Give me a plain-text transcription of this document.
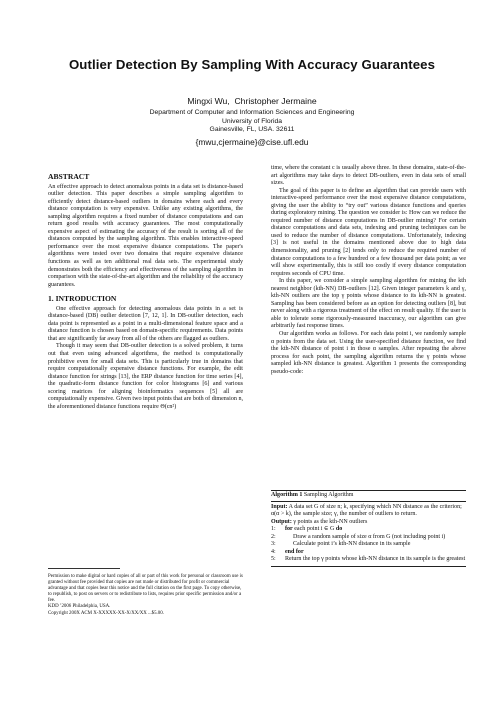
Outlier Detection By Sampling With Accuracy Guarantees
Mingxi Wu,  Christopher Jermaine
Department of Computer and Information Sciences and Engineering
University of Florida
Gainesville, FL, USA. 32611
{mwu,cjermaine}@cise.ufl.edu
ABSTRACT

An effective approach to detect anomalous points in a data set is distance-based outlier detection. This paper describes a simple sampling algorithm to efficiently detect distance-based outliers in domains where each and every distance computation is very expensive. Unlike any existing algorithms, the sampling algorithm requires a fixed number of distance computations and can return good results with accuracy guarantees. The most computationally expensive aspect of estimating the accuracy of the result is sorting all of the distances computed by the sampling algorithm. This enables interactive-speed performance over the most expensive distance computations. The paper's algorithms were tested over two domains that require expensive distance functions as well as ten additional real data sets. The experimental study demonstrates both the efficiency and effectiveness of the sampling algorithm in comparison with the state-of-the-art algorithm and the reliability of the accuracy guarantees.

1. INTRODUCTION

One effective approach for detecting anomalous data points in a set is distance-based (DB) outlier detection [7, 12, 1]. In DB-outlier detection, each data point is represented as a point in a multi-dimensional feature space and a distance function is chosen based on domain-specific requirements. Data points that are significantly far away from all of the others are flagged as outliers.

Though it may seem that DB-outlier detection is a solved problem, it turns out that even using advanced algorithms, the method is computationally prohibitive even for small data sets. This is particularly true in domains that require computationally expensive distance functions. For example, the edit distance function for strings [13], the ERP distance function for time series [4], the quadratic-form distance function for color histograms [6] and various scoring matrices for aligning bioinformatics sequences [5] all are computationally expensive. Given two input points that are both of dimension n, the aforementioned distance functions require Θ(cn²)

Permission to make digital or hard copies of all or part of this work for personal or classroom use is granted without fee provided that copies are not made or distributed for profit or commercial advantage and that copies bear this notice and the full citation on the first page. To copy otherwise, to republish, to post on servers or to redistribute to lists, requires prior specific permission and/or a fee.
KDD ’2006 Philadelphia, USA.
Copyright 200X ACM X-XXXXX-XX-X/XX/XX ...$5.00.

time, where the constant c is usually above three. In these domains, state-of-the-art algorithms may take days to detect DB-outliers, even in data sets of small sizes.

The goal of this paper is to define an algorithm that can provide users with interactive-speed performance over the most expensive distance computations, giving the user the ability to “try out” various distance functions and queries during exploratory mining. The question we consider is: How can we reduce the required number of distance computations in DB-outlier mining? For certain distance computations and data sets, indexing and pruning techniques can be used to reduce the number of distance computations. Unfortunately, indexing [3] is not useful in the domains mentioned above due to high data dimensionality, and pruning [2] tends only to reduce the required number of distance computations to a few hundred or a few thousand per data point; as we will show experimentally, this is still too costly if every distance computation requires seconds of CPU time.

In this paper, we consider a simple sampling algorithm for mining the kth nearest neighbor (kth-NN) DB-outliers [12]. Given integer parameters k and γ, kth-NN outliers are the top γ points whose distance to its kth-NN is greatest. Sampling has been considered before as an option for detecting outliers [8], but never along with a rigorous treatment of the effect on result quality. If the user is able to tolerate some rigorously-measured inaccuracy, our algorithm can give arbitrarily fast response times.

Our algorithm works as follows. For each data point i, we randomly sample α points from the data set. Using the user-specified distance function, we find the kth-NN distance of point i in those α samples. After repeating the above process for each point, the sampling algorithm returns the γ points whose sampled kth-NN distance is greatest. Algorithm 1 presents the corresponding pseudo-code:

Algorithm 1 Sampling Algorithm
Input: A data set G of size n; k, specifying which NN distance as the criterion; α(α > k), the sample size; γ, the number of outliers to return.
Output: γ points as the kth-NN outliers
1:	for each point i ∈ G do
2:	Draw a random sample of size α from G (not including point i)
3:	Calculate point i’s kth-NN distance in its sample
4:	end for
5:	Return the top γ points whose kth-NN distance in its sample is the greatest
